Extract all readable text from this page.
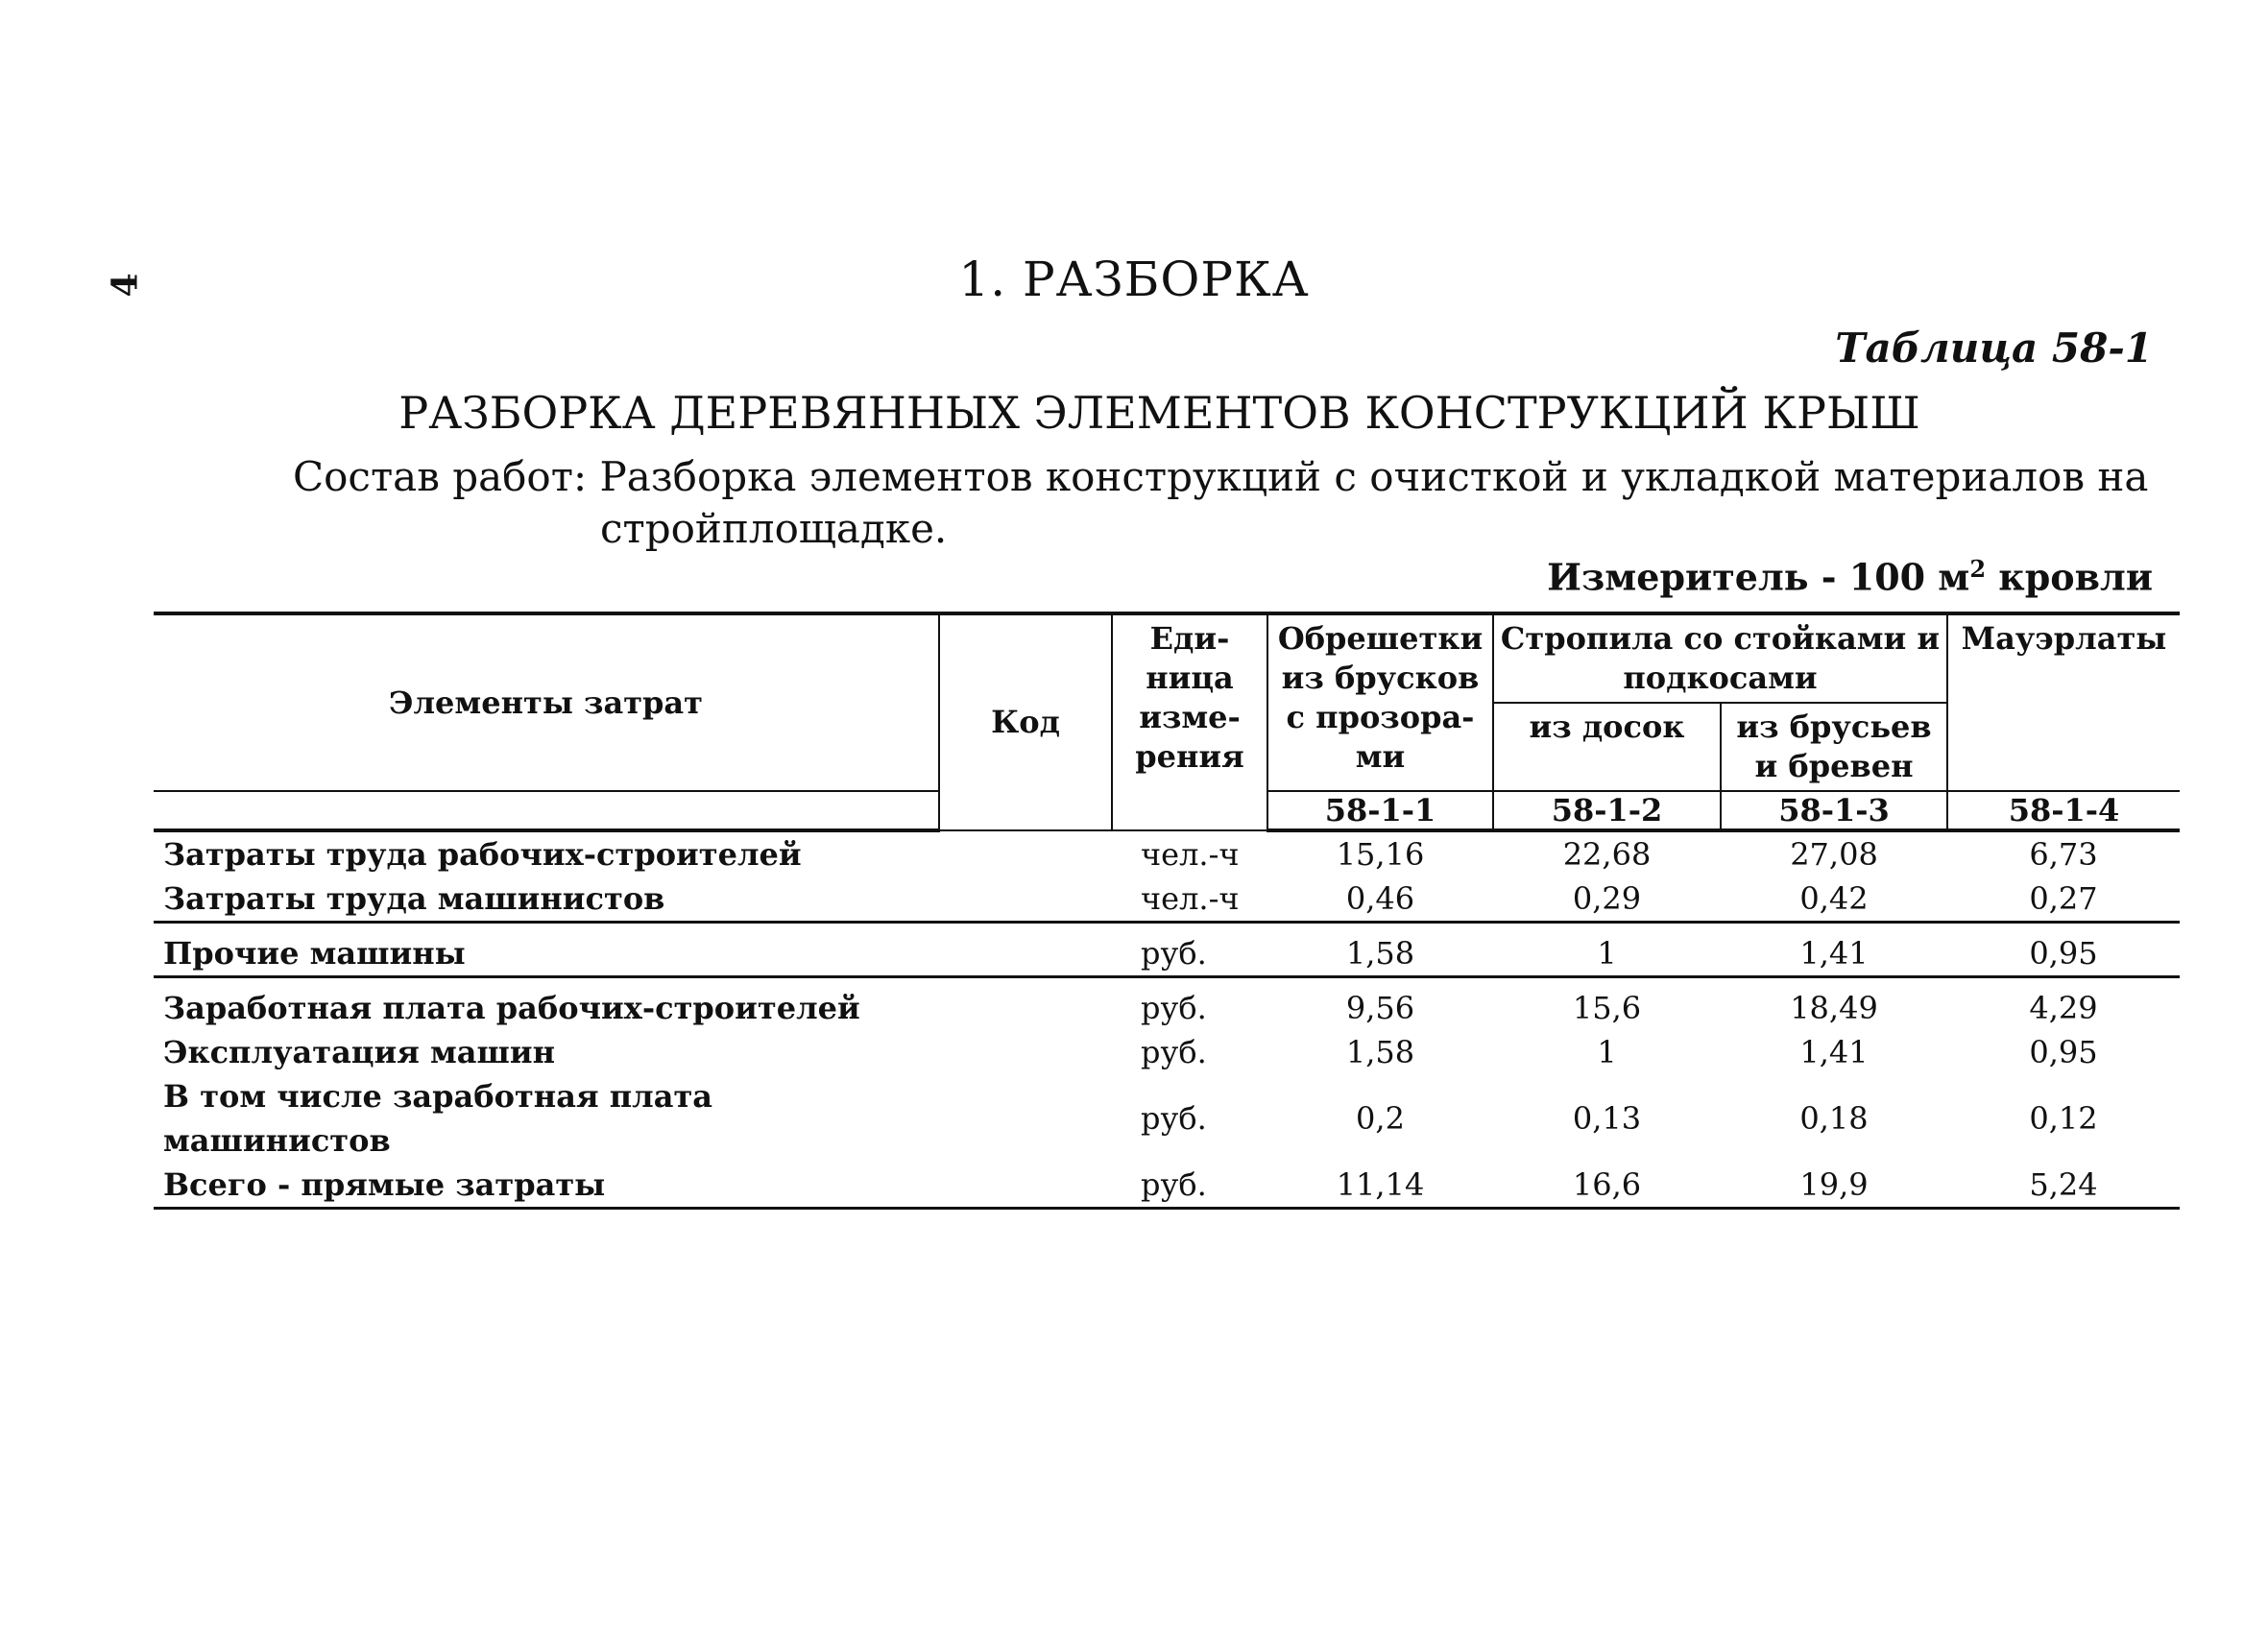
4	1. РАЗБОРКА
Таблица 58-1
РАЗБОРКА ДЕРЕВЯННЫХ ЭЛЕМЕНТОВ КОНСТРУКЦИЙ КРЫШ
Состав работ: Разборка элементов конструкций с очисткой и укладкой материалов на
стройплощадке.
Измеритель - 100 $м^2$ кровли
Элементы затрат	Код	Еди-ница изме-рения	Обрешетки из брусков с прозора-ми	Стропила со стойками и подкосами		Мауэрлаты
				из досок	из брусьев и бревен	
			58-1-1	58-1-2	58-1-3	58-1-4
Затраты труда рабочих-строителей		чел.-ч	15,16	22,68	27,08	6,73
Затраты труда машинистов		чел.-ч	0,46	0,29	0,42	0,27
Прочие машины		руб.	1,58	1	1,41	0,95
Заработная плата рабочих-строителей		руб.	9,56	15,6	18,49	4,29
Эксплуатация машин		руб.	1,58	1	1,41	0,95
В том числе заработная плата машинистов		руб.	0,2	0,13	0,18	0,12
Всего - прямые затраты		руб.	11,14	16,6	19,9	5,24
